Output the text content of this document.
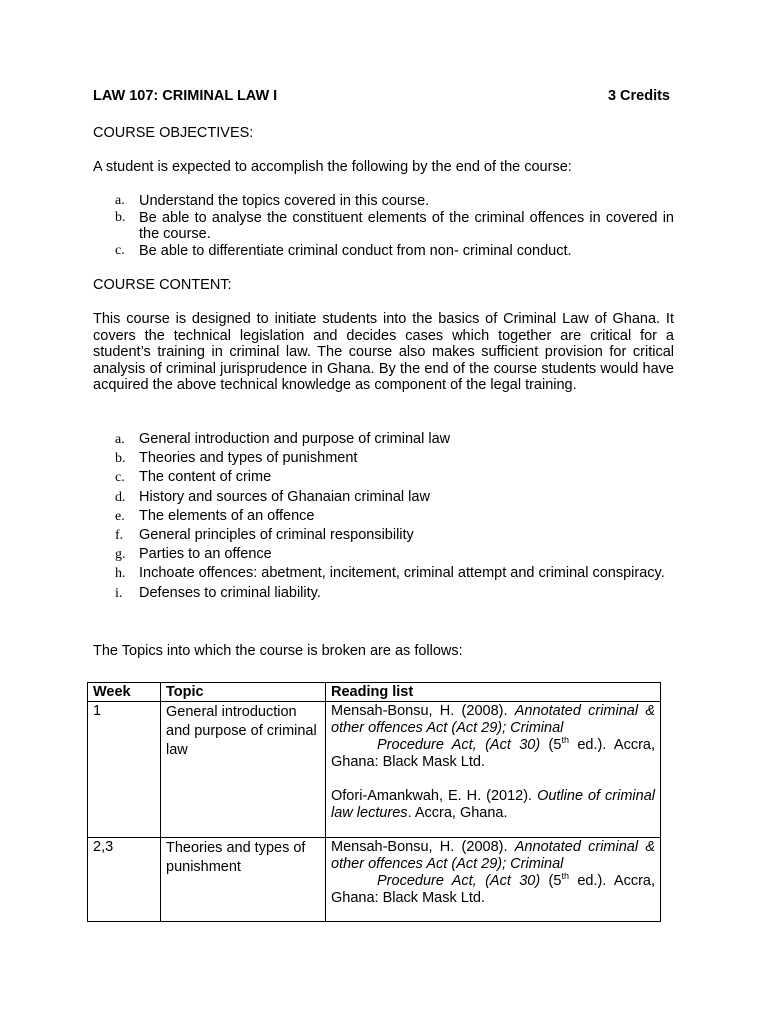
LAW 107: CRIMINAL LAW I	3 Credits
COURSE OBJECTIVES:
A student is expected to accomplish the following by the end of the course:
a. Understand the topics covered in this course.
b. Be able to analyse the constituent elements of the criminal offences in covered in the course.
c. Be able to differentiate criminal conduct from non- criminal conduct.
COURSE CONTENT:
This course is designed to initiate students into the basics of Criminal Law of Ghana. It covers the technical legislation and decides cases which together are critical for a student’s training in criminal law. The course also makes sufficient provision for critical analysis of criminal jurisprudence in Ghana. By the end of the course students would have acquired the above technical knowledge as component of the legal training.
a. General introduction and purpose of criminal law
b. Theories and types of punishment
c. The content of crime
d. History and sources of Ghanaian criminal law
e. The elements of an offence
f. General principles of criminal responsibility
g. Parties to an offence
h. Inchoate offences: abetment, incitement, criminal attempt and criminal conspiracy.
i. Defenses to criminal liability.
The Topics into which the course is broken are as follows:
Week	Topic	Reading list
1	General introduction and purpose of criminal law	Mensah-Bonsu, H. (2008). Annotated criminal & other offences Act (Act 29); Criminal
Procedure Act, (Act 30) (5th ed.). Accra, Ghana: Black Mask Ltd.
Ofori-Amankwah, E. H. (2012). Outline of criminal law lectures. Accra, Ghana.

2,3	Theories and types of punishment	Mensah-Bonsu, H. (2008). Annotated criminal & other offences Act (Act 29); Criminal
Procedure Act, (Act 30) (5th ed.). Accra, Ghana: Black Mask Ltd.
